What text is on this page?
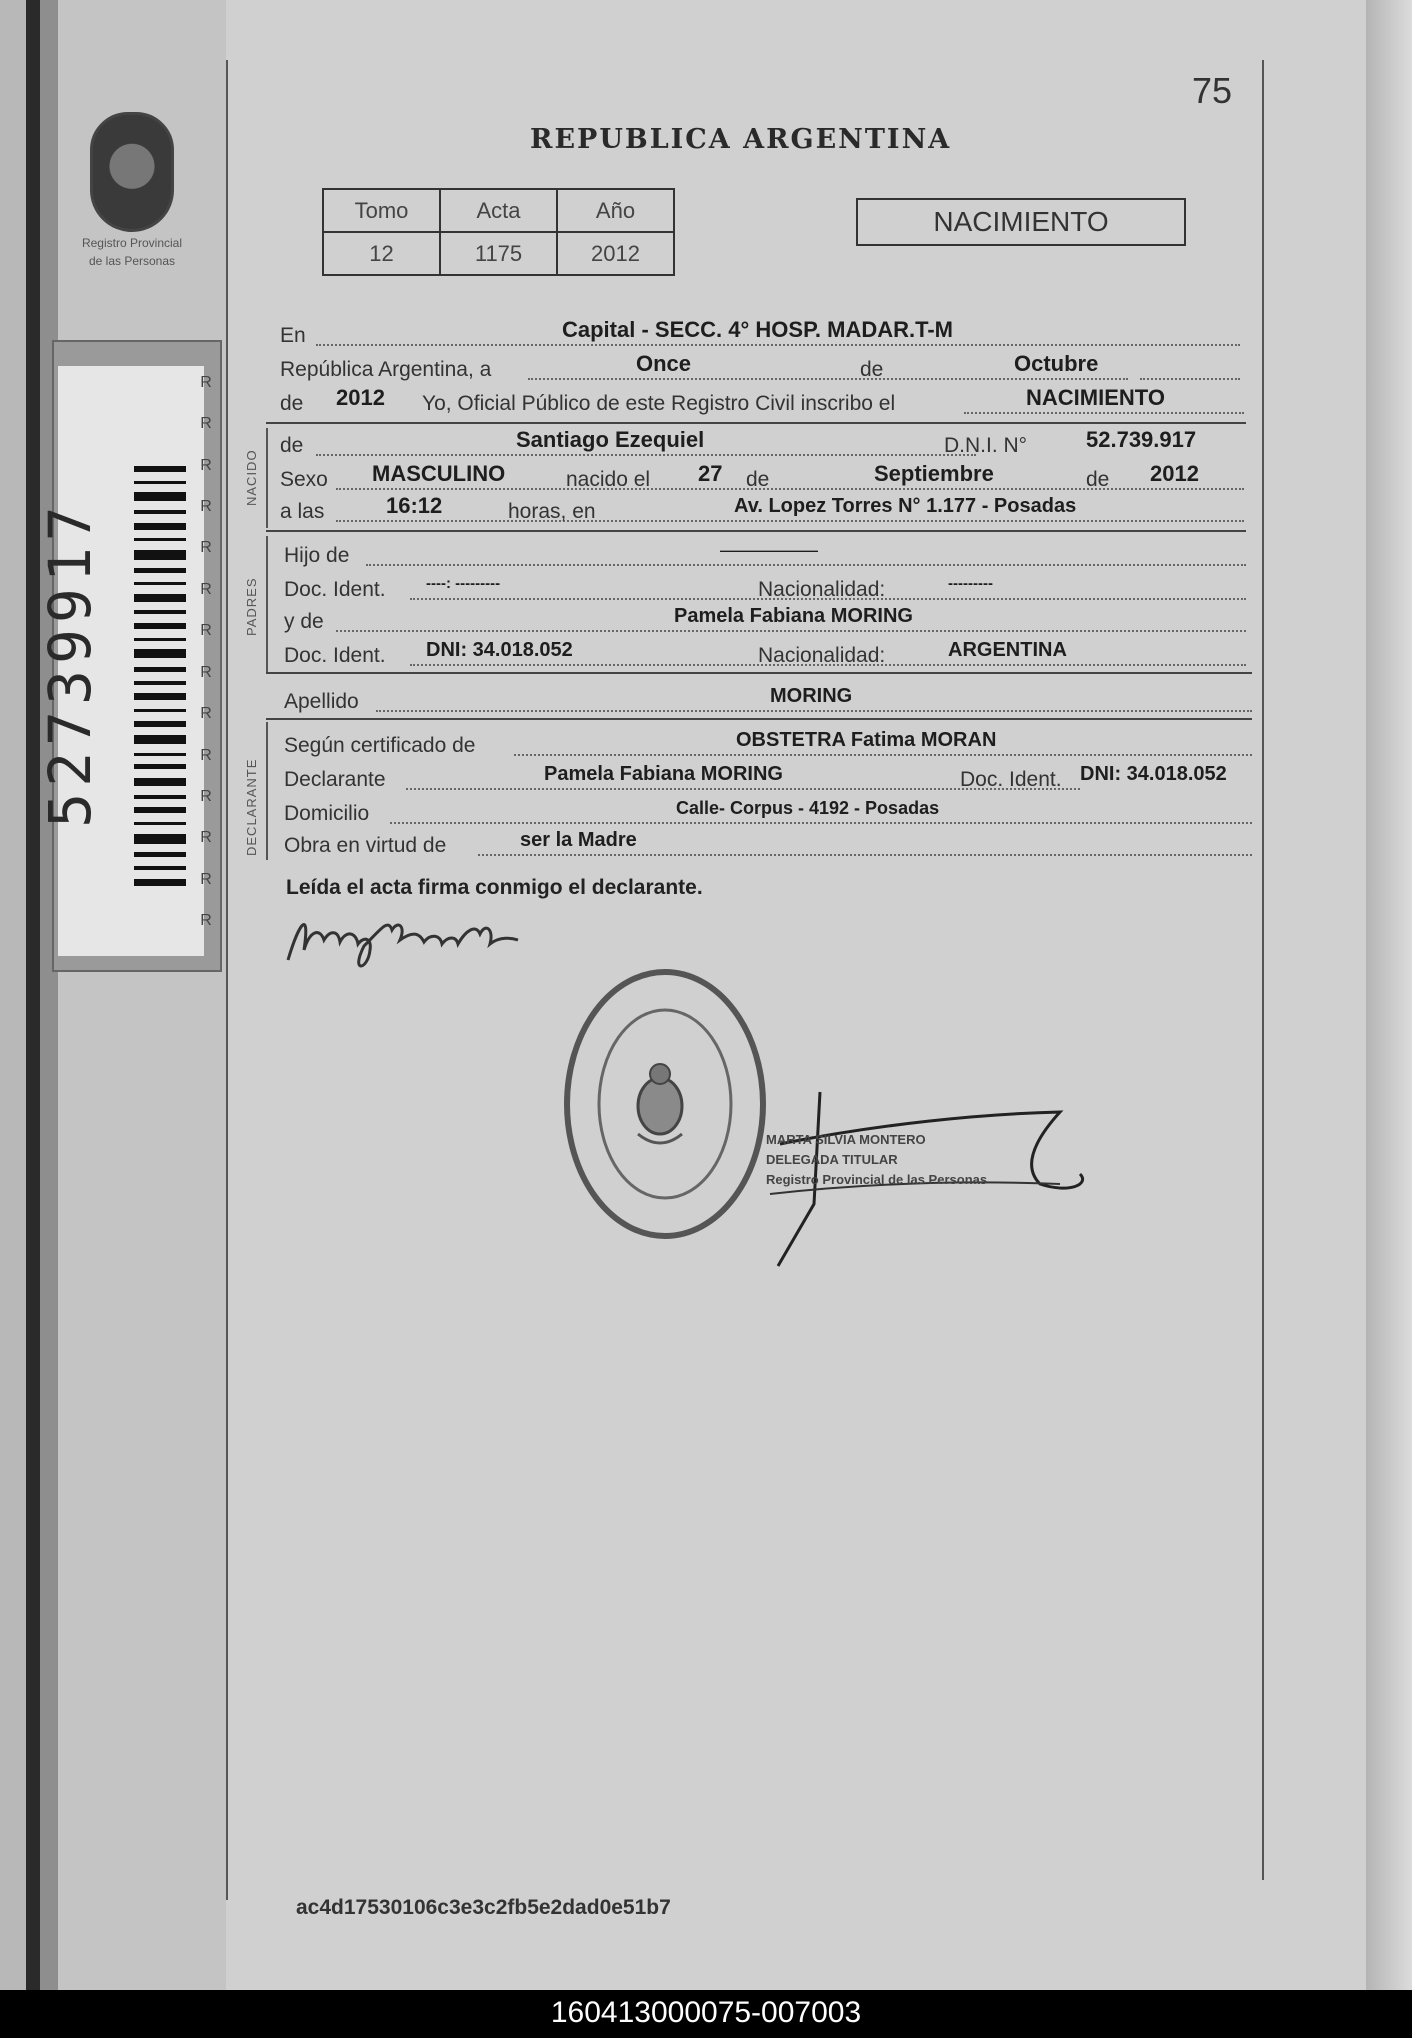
Registro Provincial
de las Personas
52739917
R
R
R
R
R
R
R
R
R
R
R
R
R
R
75
REPUBLICA ARGENTINA
Tomo	Acta	Año
12	1175	2012
NACIMIENTO
En	Capital - SECC. 4° HOSP. MADAR.T-M
República Argentina, a	Once	de	Octubre
de 2012 Yo, Oficial Público de este Registro Civil inscribo el	NACIMIENTO
NACIDO
de	Santiago Ezequiel	D.N.I. N°	52.739.917
Sexo MASCULINO	nacido el 27 de	Septiembre	de 2012
a las	16:12	horas, en	Av. Lopez Torres N° 1.177 - Posadas
PADRES
Hijo de	———————
Doc. Ident.	----: ---------	Nacionalidad:	---------
y de	Pamela Fabiana MORING
Doc. Ident. DNI: 34.018.052	Nacionalidad:	ARGENTINA
Apellido	MORING
DECLARANTE
Según certificado de	OBSTETRA Fatima MORAN
Declarante	Pamela Fabiana MORING	Doc. Ident. DNI: 34.018.052
Domicilio	Calle- Corpus - 4192 - Posadas
Obra en virtud de	ser la Madre
Leída el acta firma conmigo el declarante.
MARTA SILVIA MONTERO
DELEGADA TITULAR
Registro Provincial de las Personas
ac4d17530106c3e3c2fb5e2dad0e51b7
160413000075-007003
